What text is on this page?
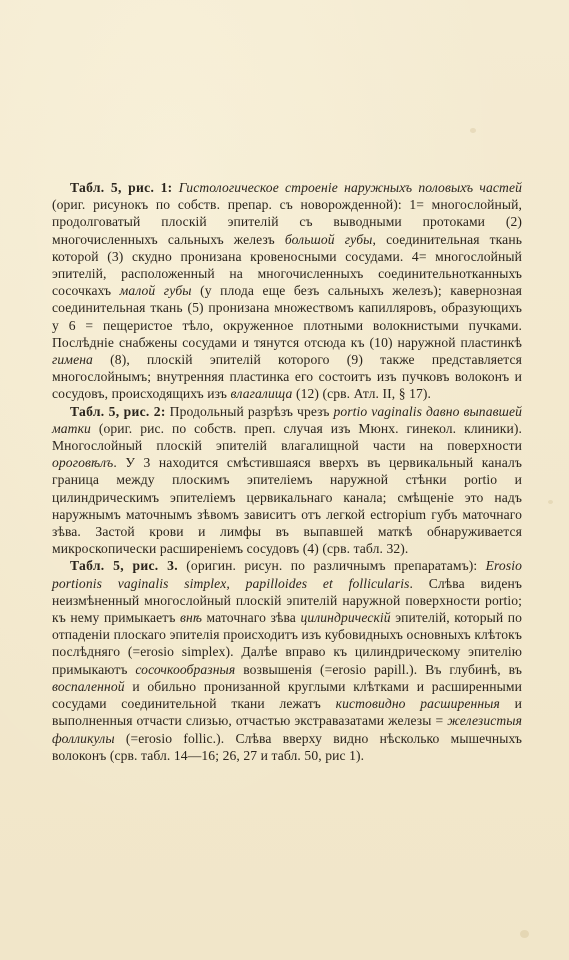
Табл. 5, рис. 1: Гистологическое строеніе наружныхъ половыхъ частей (ориг. рисунокъ по собств. препар. съ новорожденной): 1= многослойный, продолговатый плоскій эпителій съ выводными протоками (2) многочисленныхъ сальныхъ железъ большой губы, соединительная ткань которой (3) скудно пронизана кровеносными сосудами. 4= многослойный эпителій, расположенный на многочисленныхъ соединительнотканныхъ сосочкахъ малой губы (у плода еще безъ сальныхъ железъ); кавернозная соединительная ткань (5) пронизана множествомъ капилляровъ, образующихъ у 6 = пещеристое тѣло, окруженное плотными волокнистыми пучками. Послѣдніе снабжены сосудами и тянутся отсюда къ (10) наружной пластинкѣ гимена (8), плоскій эпителій которого (9) также представляется многослойнымъ; внутренняя пластинка его состоитъ изъ пучковъ волоконъ и сосудовъ, происходящихъ изъ влагалища (12) (срв. Атл. II, § 17).

Табл. 5, рис. 2: Продольный разрѣзъ чрезъ portio vaginalis давно выпавшей матки (ориг. рис. по собств. преп. случая изъ Мюнх. гинекол. клиники). Многослойный плоскій эпителій влагалищной части на поверхности ороговѣлъ. У 3 находится смѣстившаяся вверхъ въ цервикальный каналъ граница между плоскимъ эпителіемъ наружной стѣнки portio и цилиндрическимъ эпителіемъ цервикальнаго канала; смѣщеніе это надъ наружнымъ маточнымъ зѣвомъ зависитъ отъ легкой ectropium губъ маточнаго зѣва. Застой крови и лимфы въ выпавшей маткѣ обнаруживается микроскопически расширеніемъ сосудовъ (4) (срв. табл. 32).

Табл. 5, рис. 3. (оригин. рисун. по различнымъ препаратамъ): Erosio portionis vaginalis simplex, papilloides et follicularis. Слѣва виденъ неизмѣненный многослойный плоскій эпителій наружной поверхности portio; къ нему примыкаетъ внѣ маточнаго зѣва цилиндрическій эпителій, который по отпаденіи плоскаго эпителія происходитъ изъ кубовидныхъ основныхъ клѣтокъ послѣдняго (=erosio simplex). Далѣе вправо къ цилиндрическому эпителію примыкаютъ сосочкообразныя возвышенія (=erosio papill.). Въ глубинѣ, въ воспаленной и обильно пронизанной круглыми клѣтками и расширенными сосудами соединительной ткани лежатъ кистовидно расширенныя и выполненныя отчасти слизью, отчастью экстравазатами железы = железистыя фолликулы (=erosio follic.). Слѣва вверху видно нѣсколько мышечныхъ волоконъ (срв. табл. 14—16; 26, 27 и табл. 50, рис 1).
